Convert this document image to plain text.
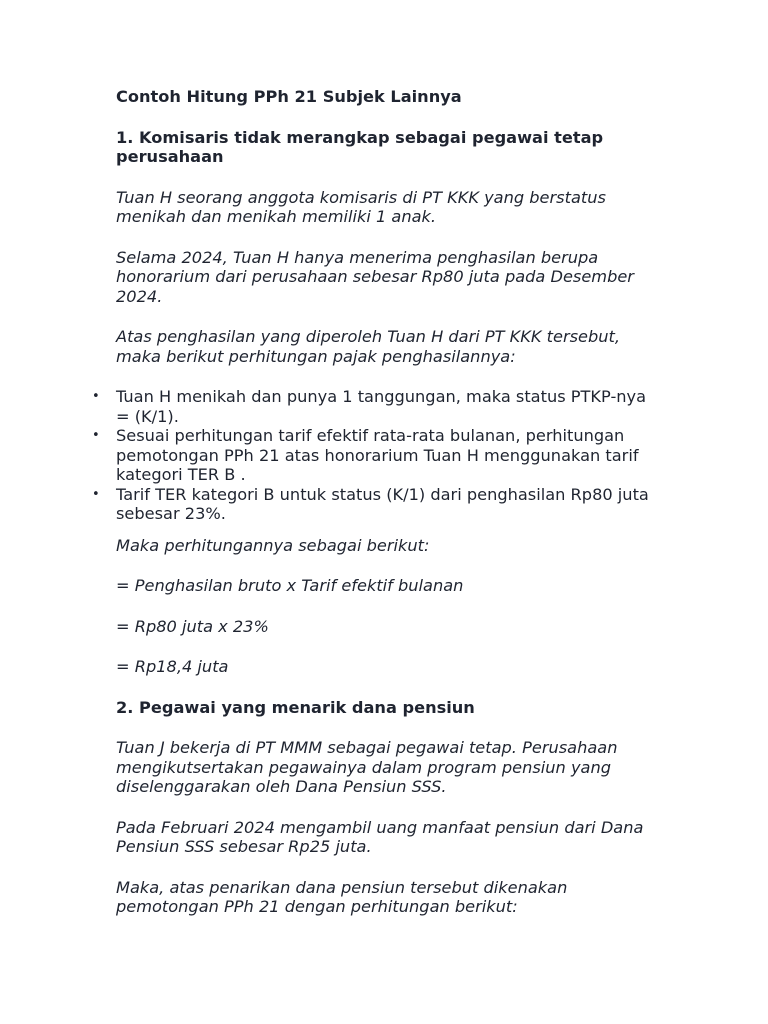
Contoh Hitung PPh 21 Subjek Lainnya

1. Komisaris tidak merangkap sebagai pegawai tetap perusahaan

Tuan H seorang anggota komisaris di PT KKK yang berstatus menikah dan menikah memiliki 1 anak.

Selama 2024, Tuan H hanya menerima penghasilan berupa honorarium dari perusahaan sebesar Rp80 juta pada Desember 2024.

Atas penghasilan yang diperoleh Tuan H dari PT KKK tersebut, maka berikut perhitungan pajak penghasilannya:

• Tuan H menikah dan punya 1 tanggungan, maka status PTKP-nya = (K/1).
• Sesuai perhitungan tarif efektif rata-rata bulanan, perhitungan pemotongan PPh 21 atas honorarium Tuan H menggunakan tarif kategori TER B .
• Tarif TER kategori B untuk status (K/1) dari penghasilan Rp80 juta sebesar 23%.

Maka perhitungannya sebagai berikut:

= Penghasilan bruto x Tarif efektif bulanan

= Rp80 juta x 23%

= Rp18,4 juta

2. Pegawai yang menarik dana pensiun

Tuan J bekerja di PT MMM sebagai pegawai tetap. Perusahaan mengikutsertakan pegawainya dalam program pensiun yang diselenggarakan oleh Dana Pensiun SSS.

Pada Februari 2024 mengambil uang manfaat pensiun dari Dana Pensiun SSS sebesar Rp25 juta.

Maka, atas penarikan dana pensiun tersebut dikenakan pemotongan PPh 21 dengan perhitungan berikut:
